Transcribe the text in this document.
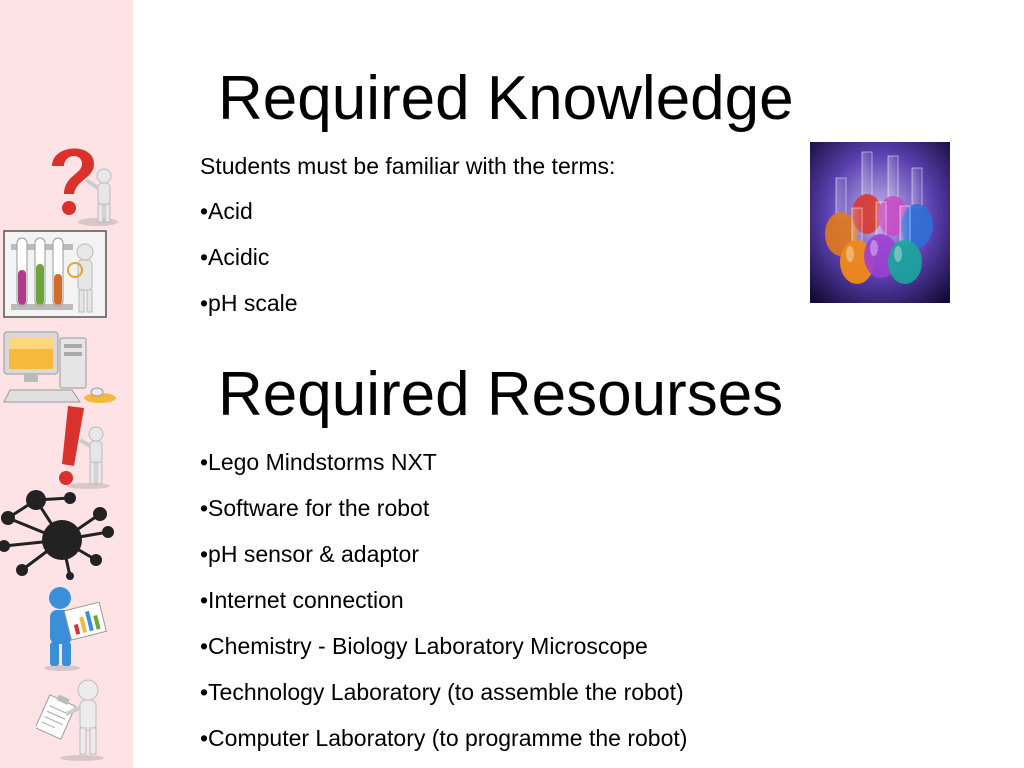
Required Knowledge
Students must be familiar with the terms:
•Acid
•Acidic
•pH scale
Required Resourses
•Lego Mindstorms NXT
•Software for the robot
•pH sensor & adaptor
•Internet connection
•Chemistry - Biology Laboratory Microscope
•Technology Laboratory (to assemble the robot)
•Computer Laboratory (to programme the robot)
